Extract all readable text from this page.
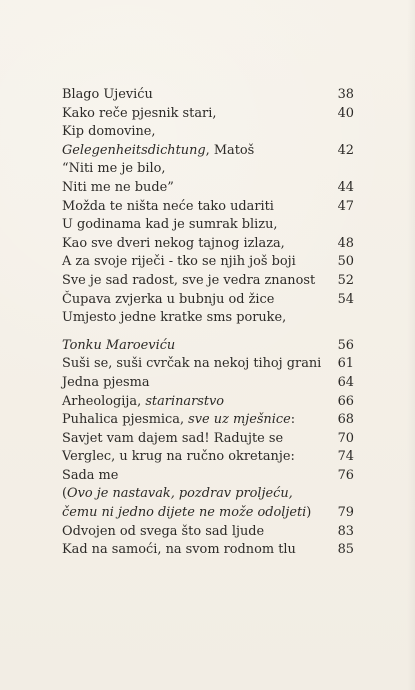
Blago Ujeviću	38
Kako reče pjesnik stari,	40
Kip domovine,
Gelegenheitsdichtung, Matoš	42
“Niti me je bilo,
Niti me ne bude”	44
Možda te ništa neće tako udariti	47
U godinama kad je sumrak blizu,
Kao sve dveri nekog tajnog izlaza,	48
A za svoje riječi - tko se njih još boji	50
Sve je sad radost, sve je vedra znanost 52
Čupava zvjerka u bubnju od žice	54
Umjesto jedne kratke sms poruke,
Tonku Maroeviću	56
Suši se, suši cvrčak na nekoj tihoj grani 61
Jedna pjesma	64
Arheologija, starinarstvo	66
Puhalica pjesmica, sve uz mješnice:	68
Savjet vam dajem sad! Radujte se	70
Verglec, u krug na ručno okretanje:	74
Sada me	76
(Ovo je nastavak, pozdrav proljeću,
čemu ni jedno dijete ne može odoljeti) 79
Odvojen od svega što sad ljude	83
Kad na samoći, na svom rodnom tlu	85
